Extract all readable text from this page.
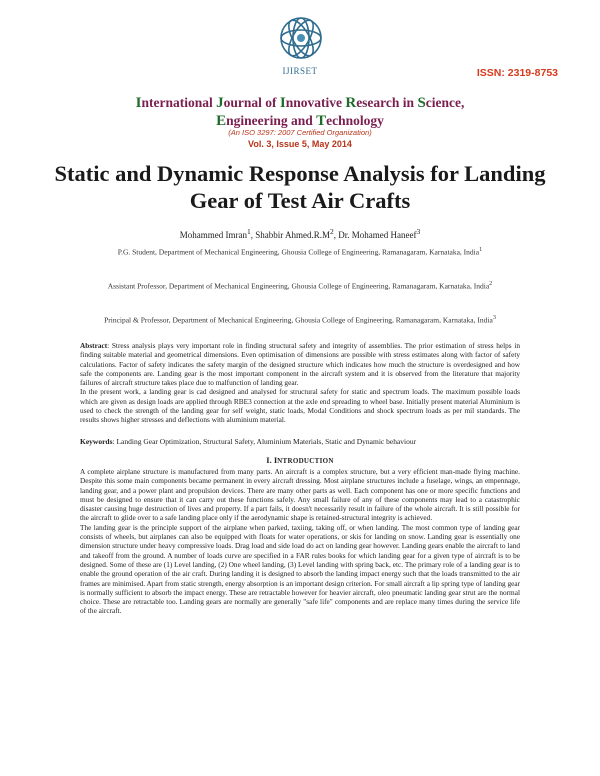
IJIRSET	ISSN: 2319-8753
International Journal of Innovative Research in Science,
Engineering and Technology
(An ISO 3297: 2007 Certified Organization)
Vol. 3, Issue 5, May 2014
Static and Dynamic Response Analysis for Landing Gear of Test Air Crafts
Mohammed Imran$^1$, Shabbir $Ahmed.R.M^2$, Dr. Mohamed Haneef$^3$
P.G. Student, Department of Mechanical Engineering, Ghousia College of Engineering, Ramanagaram, Karnataka, India$^1$
Assistant Professor, Department of Mechanical Engineering, Ghousia College of Engineering, Ramanagaram, Karnataka, India$^2$
Principal & Professor, Department of Mechanical Engineering, Ghousia College of Engineering, Ramanagaram, Karnataka, India$^3$
Abstract: Stress analysis plays very important role in finding structural safety and integrity of assemblies. The prior estimation of stress helps in finding suitable material and geometrical dimensions. Even optimisation of dimensions are possible with stress estimates along with factor of safety calculations. Factor of safety indicates the safety margin of the designed structure which indicates how much the structure is overdesigned and how safe the components are. Landing gear is the most important component in the aircraft system and it is observed from the literature that majority failures of aircraft structure takes place due to malfunction of landing gear.
In the present work, a landing gear is cad designed and analysed for structural safety for static and spectrum loads. The maximum possible loads which are given as design loads are applied through RBE3 connection at the axle end spreading to wheel base. Initially present material Aluminium is used to check the strength of the landing gear for self weight, static loads, Modal Conditions and shock spectrum loads as per mil standards. The results shows higher stresses and deflections with aluminium material.
Keywords: Landing Gear Optimization, Structural Safety, Aluminium Materials, Static and Dynamic behaviour
I. INTRODUCTION

A complete airplane structure is manufactured from many parts. An aircraft is a complex structure, but a very efficient man-made flying machine. Despite this some main components became permanent in every aircraft dressing. Most airplane structures include a fuselage, wings, an empennage, landing gear, and a power plant and propulsion devices. There are many other parts as well. Each component has one or more specific functions and must be designed to ensure that it can carry out these functions safely. Any small failure of any of these components may lead to a catastrophic disaster causing huge destruction of lives and property. If a part fails, it doesn't necessarily result in failure of the whole aircraft. It is still possible for the aircraft to glide over to a safe landing place only if the aerodynamic shape is retained-structural integrity is achieved.

The landing gear is the principle support of the airplane when parked, taxiing, taking off, or when landing. The most common type of landing gear consists of wheels, but airplanes can also be equipped with floats for water operations, or skis for landing on snow. Landing gear is essentially one dimension structure under heavy compressive loads. Drag load and side load do act on landing gear however. Landing gears enable the aircraft to land and takeoff from the ground. A number of loads curve are specified in a FAR rules books for which landing gear for a given type of aircraft is to be designed. Some of these are (1) Level landing, (2) One wheel landing, (3) Level landing with spring back, etc. The primary role of a landing gear is to enable the ground operation of the air craft. During landing it is designed to absorb the landing impact energy such that the loads transmitted to the air frames are minimised. Apart from static strength, energy absorption is an important design criterion. For small aircraft a lip spring type of landing gear is normally sufficient to absorb the impact energy. These are retractable however for heavier aircraft, oleo pneumatic landing gear strut are the normal choice. These are retractable too. Landing gears are normally are generally "safe life" components and are replace many times during the service life of the aircraft.
